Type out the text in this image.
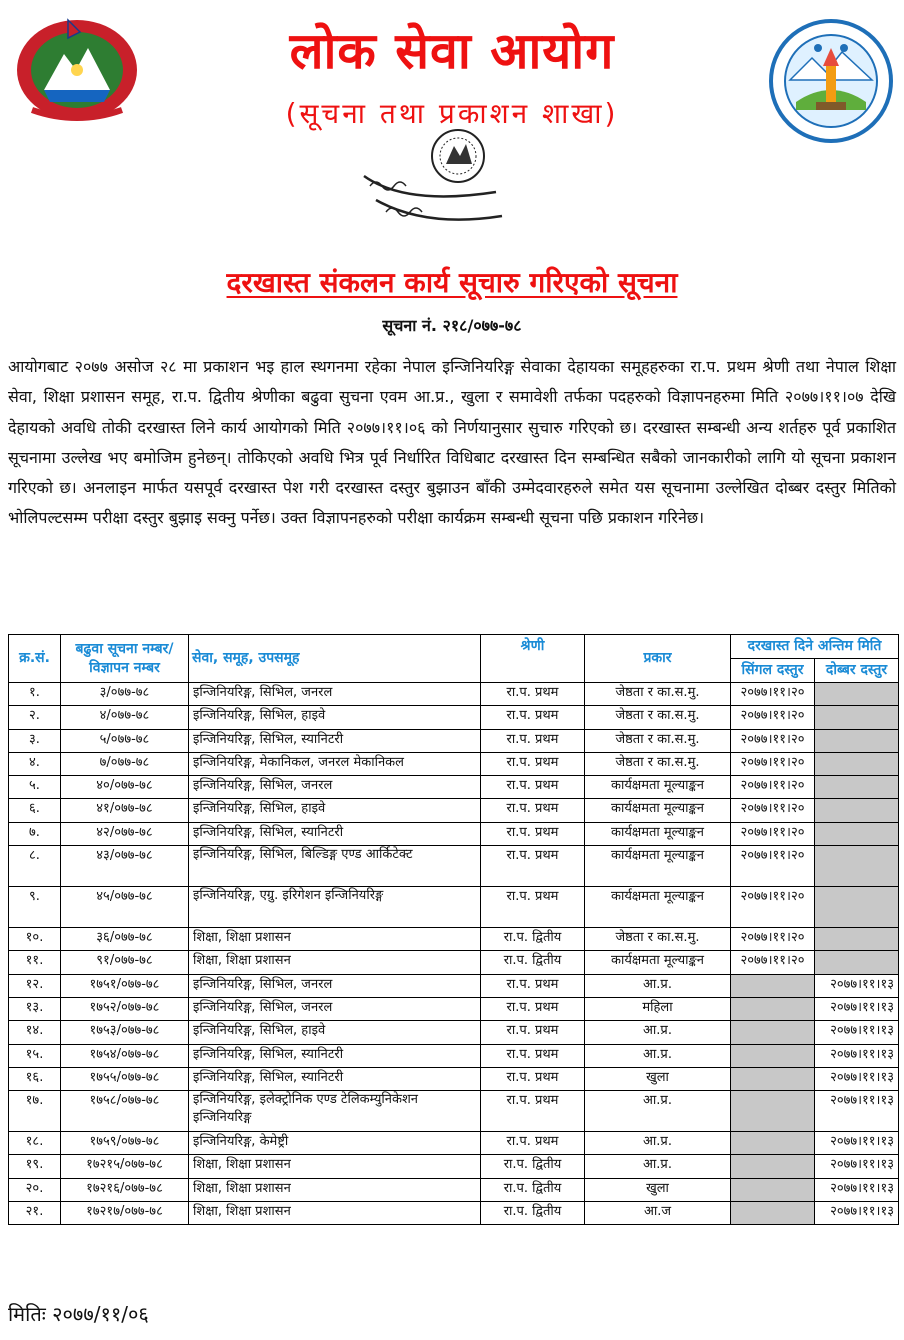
लोक सेवा आयोग
(सूचना तथा प्रकाशन शाखा)
दरखास्त संकलन कार्य सूचारु गरिएको सूचना
सूचना नं. २१८/०७७-७८
आयोगबाट २०७७ असोज २८ मा प्रकाशन भइ हाल स्थगनमा रहेका नेपाल इन्जिनियरिङ्ग सेवाका देहायका समूहहरुका रा.प. प्रथम श्रेणी तथा नेपाल शिक्षा सेवा, शिक्षा प्रशासन समूह, रा.प. द्वितीय श्रेणीका बढुवा सुचना एवम आ.प्र., खुला र समावेशी तर्फका पदहरुको विज्ञापनहरुमा मिति २०७७।११।०७ देखि देहायको अवधि तोकी दरखास्त लिने कार्य आयोगको मिति २०७७।११।०६ को निर्णयानुसार सुचारु गरिएको छ। दरखास्त सम्बन्धी अन्य शर्तहरु पूर्व प्रकाशित सूचनामा उल्लेख भए बमोजिम हुनेछन्। तोकिएको अवधि भित्र पूर्व निर्धारित विधिबाट दरखास्त दिन सम्बन्धित सबैको जानकारीको लागि यो सूचना प्रकाशन गरिएको छ। अनलाइन मार्फत यसपूर्व दरखास्त पेश गरी दरखास्त दस्तुर बुझाउन बाँकी उम्मेदवारहरुले समेत यस सूचनामा उल्लेखित दोब्बर दस्तुर मितिको भोलिपल्टसम्म परीक्षा दस्तुर बुझाइ सक्नु पर्नेछ। उक्त विज्ञापनहरुको परीक्षा कार्यक्रम सम्बन्धी सूचना पछि प्रकाशन गरिनेछ।
क्र.सं.	बढुवा सूचना नम्बर/विज्ञापन नम्बर	सेवा, समूह, उपसमूह	श्रेणी	प्रकार	दरखास्त दिने अन्तिम मिति	
					सिंगल दस्तुर	दोब्बर दस्तुर
१.	३/०७७-७८	इन्जिनियरिङ्ग, सिभिल, जनरल	रा.प. प्रथम	जेष्ठता र का.स.मु.	२०७७।११।२०	
२.	४/०७७-७८	इन्जिनियरिङ्ग, सिभिल, हाइवे	रा.प. प्रथम	जेष्ठता र का.स.मु.	२०७७।११।२०	
३.	५/०७७-७८	इन्जिनियरिङ्ग, सिभिल, स्यानिटरी	रा.प. प्रथम	जेष्ठता र का.स.मु.	२०७७।११।२०	
४.	७/०७७-७८	इन्जिनियरिङ्ग, मेकानिकल, जनरल मेकानिकल	रा.प. प्रथम	जेष्ठता र का.स.मु.	२०७७।११।२०	
५.	४०/०७७-७८	इन्जिनियरिङ्ग, सिभिल, जनरल	रा.प. प्रथम	कार्यक्षमता मूल्याङ्कन	२०७७।११।२०	
६.	४१/०७७-७८	इन्जिनियरिङ्ग, सिभिल, हाइवे	रा.प. प्रथम	कार्यक्षमता मूल्याङ्कन	२०७७।११।२०	
७.	४२/०७७-७८	इन्जिनियरिङ्ग, सिभिल, स्यानिटरी	रा.प. प्रथम	कार्यक्षमता मूल्याङ्कन	२०७७।११।२०	
८.	४३/०७७-७८	इन्जिनियरिङ्ग, सिभिल, बिल्डिङ्ग एण्ड आर्किटेक्ट	रा.प. प्रथम	कार्यक्षमता मूल्याङ्कन	२०७७।११।२०	
९.	४५/०७७-७८	इन्जिनियरिङ्ग, एग्रु. इरिगेशन इन्जिनियरिङ्ग	रा.प. प्रथम	कार्यक्षमता मूल्याङ्कन	२०७७।११।२०	
१०.	३६/०७७-७८	शिक्षा, शिक्षा प्रशासन	रा.प. द्वितीय	जेष्ठता र का.स.मु.	२०७७।११।२०	
११.	९१/०७७-७८	शिक्षा, शिक्षा प्रशासन	रा.प. द्वितीय	कार्यक्षमता मूल्याङ्कन	२०७७।११।२०	
१२.	१७५१/०७७-७८	इन्जिनियरिङ्ग, सिभिल, जनरल	रा.प. प्रथम	आ.प्र.		२०७७।११।१३
१३.	१७५२/०७७-७८	इन्जिनियरिङ्ग, सिभिल, जनरल	रा.प. प्रथम	महिला		२०७७।११।१३
१४.	१७५३/०७७-७८	इन्जिनियरिङ्ग, सिभिल, हाइवे	रा.प. प्रथम	आ.प्र.		२०७७।११।१३
१५.	१७५४/०७७-७८	इन्जिनियरिङ्ग, सिभिल, स्यानिटरी	रा.प. प्रथम	आ.प्र.		२०७७।११।१३
१६.	१७५५/०७७-७८	इन्जिनियरिङ्ग, सिभिल, स्यानिटरी	रा.प. प्रथम	खुला		२०७७।११।१३
१७.	१७५८/०७७-७८	इन्जिनियरिङ्ग, इलेक्ट्रोनिक एण्ड टेलिकम्युनिकेशन इन्जिनियरिङ्ग	रा.प. प्रथम	आ.प्र.		२०७७।११।१३
१८.	१७५९/०७७-७८	इन्जिनियरिङ्ग, केमेष्ट्री	रा.प. प्रथम	आ.प्र.		२०७७।११।१३
१९.	१७२१५/०७७-७८	शिक्षा, शिक्षा प्रशासन	रा.प. द्वितीय	आ.प्र.		२०७७।११।१३
२०.	१७२१६/०७७-७८	शिक्षा, शिक्षा प्रशासन	रा.प. द्वितीय	खुला		२०७७।११।१३
२१.	१७२१७/०७७-७८	शिक्षा, शिक्षा प्रशासन	रा.प. द्वितीय	आ.ज		२०७७।११।१३
मितिः २०७७/११/०६
